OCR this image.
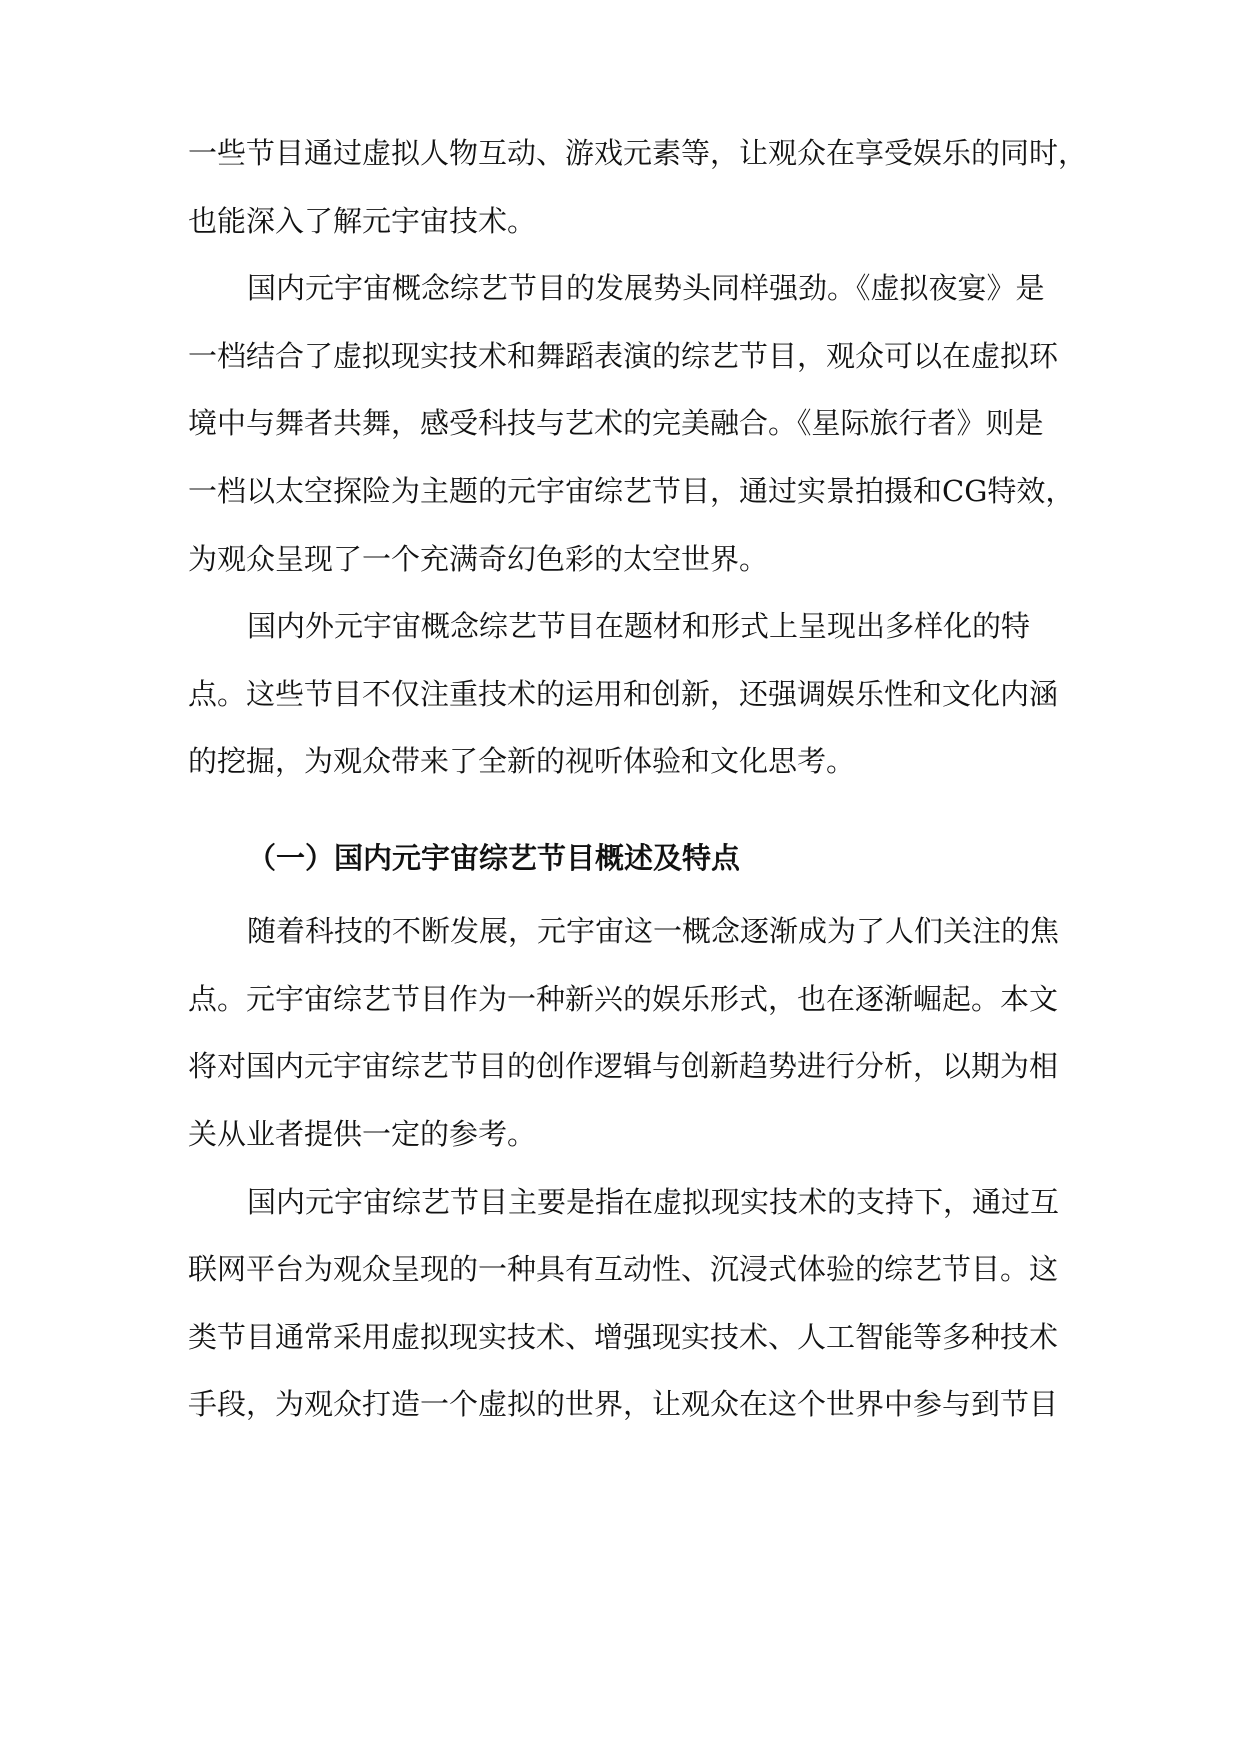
一些节目通过虚拟人物互动、游戏元素等，让观众在享受娱乐的同时，

也能深入了解元宇宙技术。

国内元宇宙概念综艺节目的发展势头同样强劲。《虚拟夜宴》是

一档结合了虚拟现实技术和舞蹈表演的综艺节目，观众可以在虚拟环

境中与舞者共舞，感受科技与艺术的完美融合。《星际旅行者》则是

一档以太空探险为主题的元宇宙综艺节目，通过实景拍摄和CG特效，

为观众呈现了一个充满奇幻色彩的太空世界。

国内外元宇宙概念综艺节目在题材和形式上呈现出多样化的特

点。这些节目不仅注重技术的运用和创新，还强调娱乐性和文化内涵

的挖掘，为观众带来了全新的视听体验和文化思考。

（一）国内元宇宙综艺节目概述及特点

随着科技的不断发展，元宇宙这一概念逐渐成为了人们关注的焦

点。元宇宙综艺节目作为一种新兴的娱乐形式，也在逐渐崛起。本文

将对国内元宇宙综艺节目的创作逻辑与创新趋势进行分析，以期为相

关从业者提供一定的参考。

国内元宇宙综艺节目主要是指在虚拟现实技术的支持下，通过互

联网平台为观众呈现的一种具有互动性、沉浸式体验的综艺节目。这

类节目通常采用虚拟现实技术、增强现实技术、人工智能等多种技术

手段，为观众打造一个虚拟的世界，让观众在这个世界中参与到节目
